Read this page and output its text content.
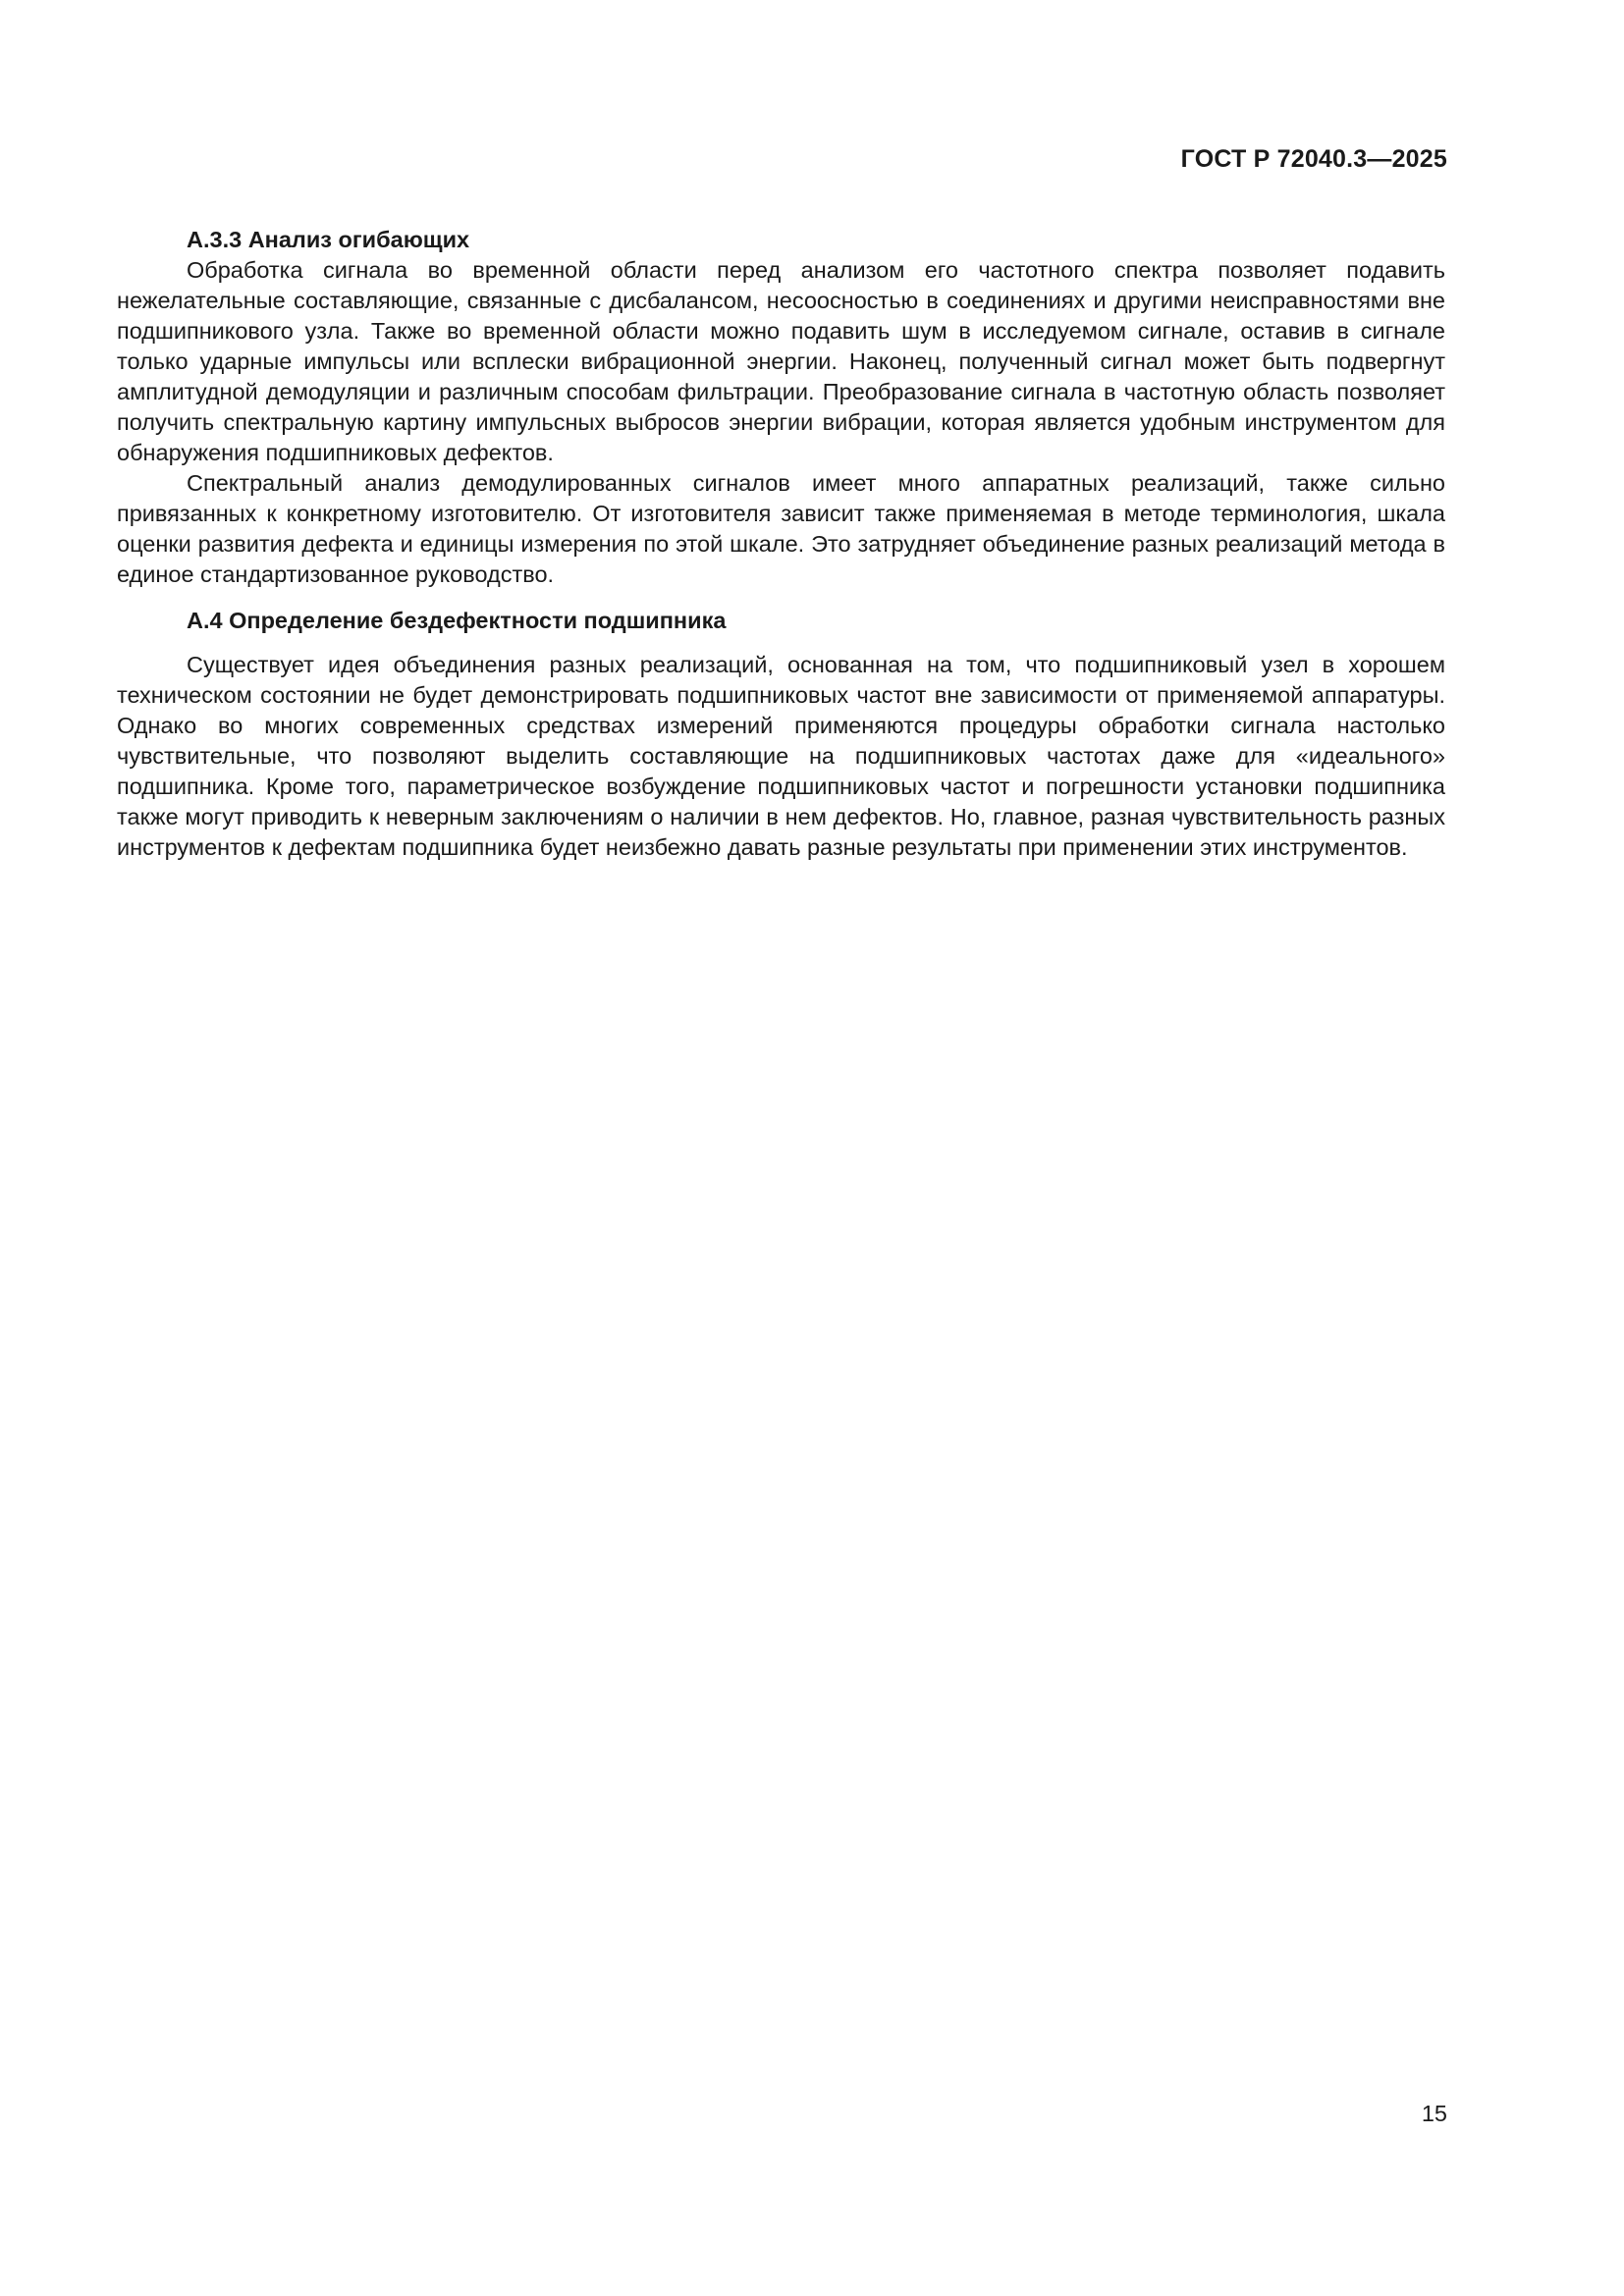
ГОСТ Р 72040.3—2025

А.3.3 Анализ огибающих

Обработка сигнала во временной области перед анализом его частотного спектра позволяет подавить нежелательные составляющие, связанные с дисбалансом, несоосностью в соединениях и другими неисправностями вне подшипникового узла. Также во временной области можно подавить шум в исследуемом сигнале, оставив в сигнале только ударные импульсы или всплески вибрационной энергии. Наконец, полученный сигнал может быть подвергнут амплитудной демодуляции и различным способам фильтрации. Преобразование сигнала в частотную область позволяет получить спектральную картину импульсных выбросов энергии вибрации, которая является удобным инструментом для обнаружения подшипниковых дефектов.

Спектральный анализ демодулированных сигналов имеет много аппаратных реализаций, также сильно привязанных к конкретному изготовителю. От изготовителя зависит также применяемая в методе терминология, шкала оценки развития дефекта и единицы измерения по этой шкале. Это затрудняет объединение разных реализаций метода в единое стандартизованное руководство.

А.4 Определение бездефектности подшипника

Существует идея объединения разных реализаций, основанная на том, что подшипниковый узел в хорошем техническом состоянии не будет демонстрировать подшипниковых частот вне зависимости от применяемой аппаратуры. Однако во многих современных средствах измерений применяются процедуры обработки сигнала настолько чувствительные, что позволяют выделить составляющие на подшипниковых частотах даже для «идеального» подшипника. Кроме того, параметрическое возбуждение подшипниковых частот и погрешности установки подшипника также могут приводить к неверным заключениям о наличии в нем дефектов. Но, главное, разная чувствительность разных инструментов к дефектам подшипника будет неизбежно давать разные результаты при применении этих инструментов.

15
